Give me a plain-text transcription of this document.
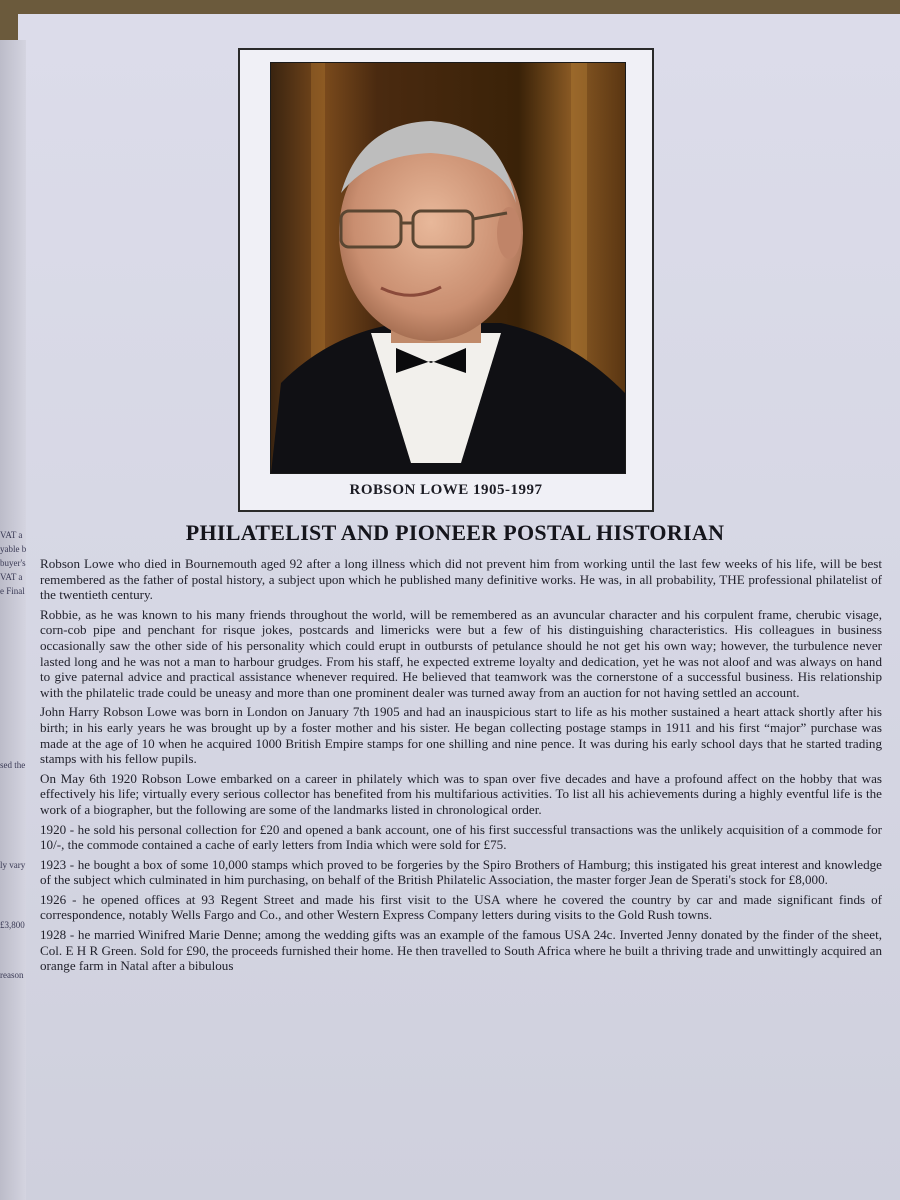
VAT a
yable b
buyer's
VAT a
e Final
sed the
ly vary
£3,800
reason
ROBSON LOWE 1905-1997
PHILATELIST AND PIONEER POSTAL HISTORIAN

Robson Lowe who died in Bournemouth aged 92 after a long illness which did not prevent him from working until the last few weeks of his life, will be best remembered as the father of postal history, a subject upon which he published many definitive works. He was, in all probability, THE professional philatelist of the twentieth century.

Robbie, as he was known to his many friends throughout the world, will be remembered as an avuncular character and his corpulent frame, cherubic visage, corn-cob pipe and penchant for risque jokes, postcards and limericks were but a few of his distinguishing characteristics. His colleagues in business occasionally saw the other side of his personality which could erupt in outbursts of petulance should he not get his own way; however, the turbulence never lasted long and he was not a man to harbour grudges. From his staff, he expected extreme loyalty and dedication, yet he was not aloof and was always on hand to give paternal advice and practical assistance whenever required. He believed that teamwork was the cornerstone of a successful business. His relationship with the philatelic trade could be uneasy and more than one prominent dealer was turned away from an auction for not having settled an account.

John Harry Robson Lowe was born in London on January 7th 1905 and had an inauspicious start to life as his mother sustained a heart attack shortly after his birth; in his early years he was brought up by a foster mother and his sister. He began collecting postage stamps in 1911 and his first “major” purchase was made at the age of 10 when he acquired 1000 British Empire stamps for one shilling and nine pence. It was during his early school days that he started trading stamps with his fellow pupils.

On May 6th 1920 Robson Lowe embarked on a career in philately which was to span over five decades and have a profound affect on the hobby that was effectively his life; virtually every serious collector has benefited from his multifarious activities. To list all his achievements during a highly eventful life is the work of a biographer, but the following are some of the landmarks listed in chronological order.

1920 - he sold his personal collection for £20 and opened a bank account, one of his first successful transactions was the unlikely acquisition of a commode for 10/-, the commode contained a cache of early letters from India which were sold for £75.

1923 - he bought a box of some 10,000 stamps which proved to be forgeries by the Spiro Brothers of Hamburg; this instigated his great interest and knowledge of the subject which culminated in him purchasing, on behalf of the British Philatelic Association, the master forger Jean de Sperati's stock for £8,000.

1926 - he opened offices at 93 Regent Street and made his first visit to the USA where he covered the country by car and made significant finds of correspondence, notably Wells Fargo and Co., and other Western Express Company letters during visits to the Gold Rush towns.

1928 - he married Winifred Marie Denne; among the wedding gifts was an example of the famous USA 24c. Inverted Jenny donated by the finder of the sheet, Col. E H R Green. Sold for £90, the proceeds furnished their home. He then travelled to South Africa where he built a thriving trade and unwittingly acquired an orange farm in Natal after a bibulous
